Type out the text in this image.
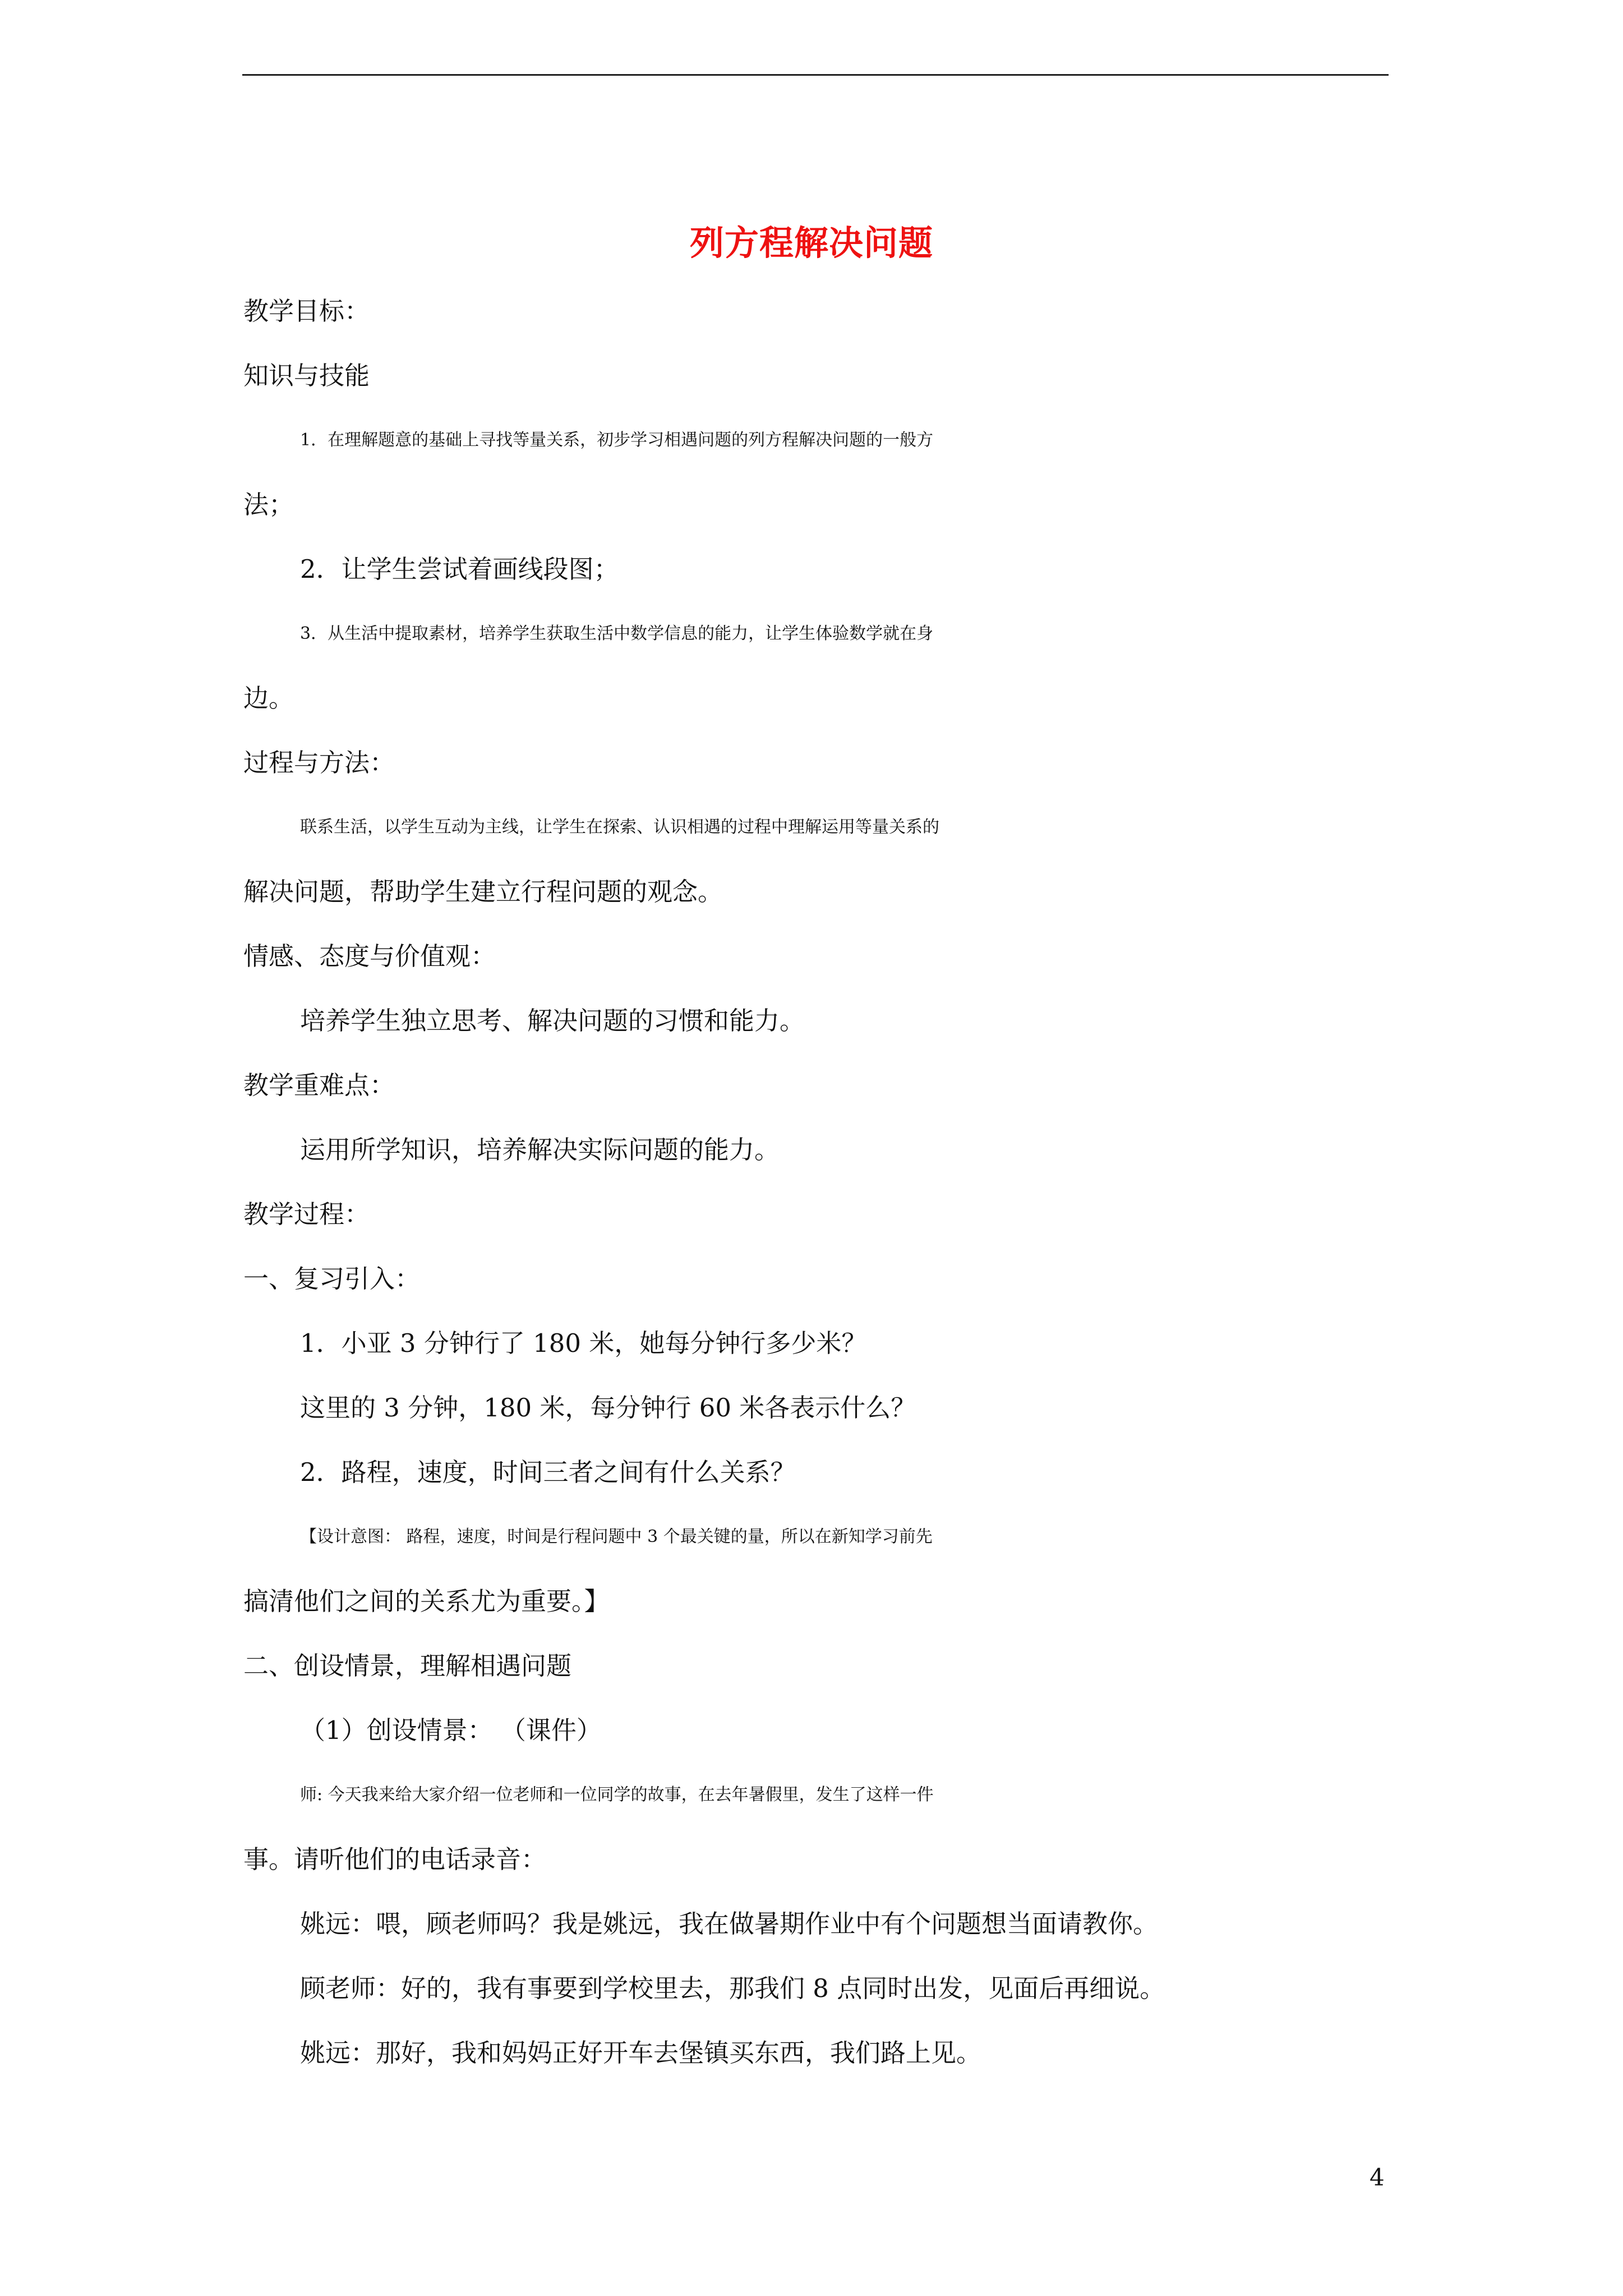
列方程解决问题
教学目标：
知识与技能
1．在理解题意的基础上寻找等量关系，初步学习相遇问题的列方程解决问题的一般方
法；
2．让学生尝试着画线段图；
3．从生活中提取素材，培养学生获取生活中数学信息的能力，让学生体验数学就在身
边。
过程与方法：
联系生活，以学生互动为主线，让学生在探索、认识相遇的过程中理解运用等量关系的
解决问题，帮助学生建立行程问题的观念。
情感、态度与价值观：
培养学生独立思考、解决问题的习惯和能力。
教学重难点：
运用所学知识，培养解决实际问题的能力。
教学过程：
一、复习引入：
1．小亚 3 分钟行了 180 米，她每分钟行多少米？
这里的 3 分钟，180 米，每分钟行 60 米各表示什么？
2．路程，速度，时间三者之间有什么关系？
【设计意图： 路程，速度，时间是行程问题中 3 个最关键的量，所以在新知学习前先
搞清他们之间的关系尤为重要。】
二、创设情景，理解相遇问题
（1）创设情景： （课件）
师: 今天我来给大家介绍一位老师和一位同学的故事，在去年暑假里，发生了这样一件
事。请听他们的电话录音：
姚远：喂，顾老师吗？我是姚远，我在做暑期作业中有个问题想当面请教你。
顾老师：好的，我有事要到学校里去，那我们 8 点同时出发，见面后再细说。
姚远：那好，我和妈妈正好开车去堡镇买东西，我们路上见。
4
